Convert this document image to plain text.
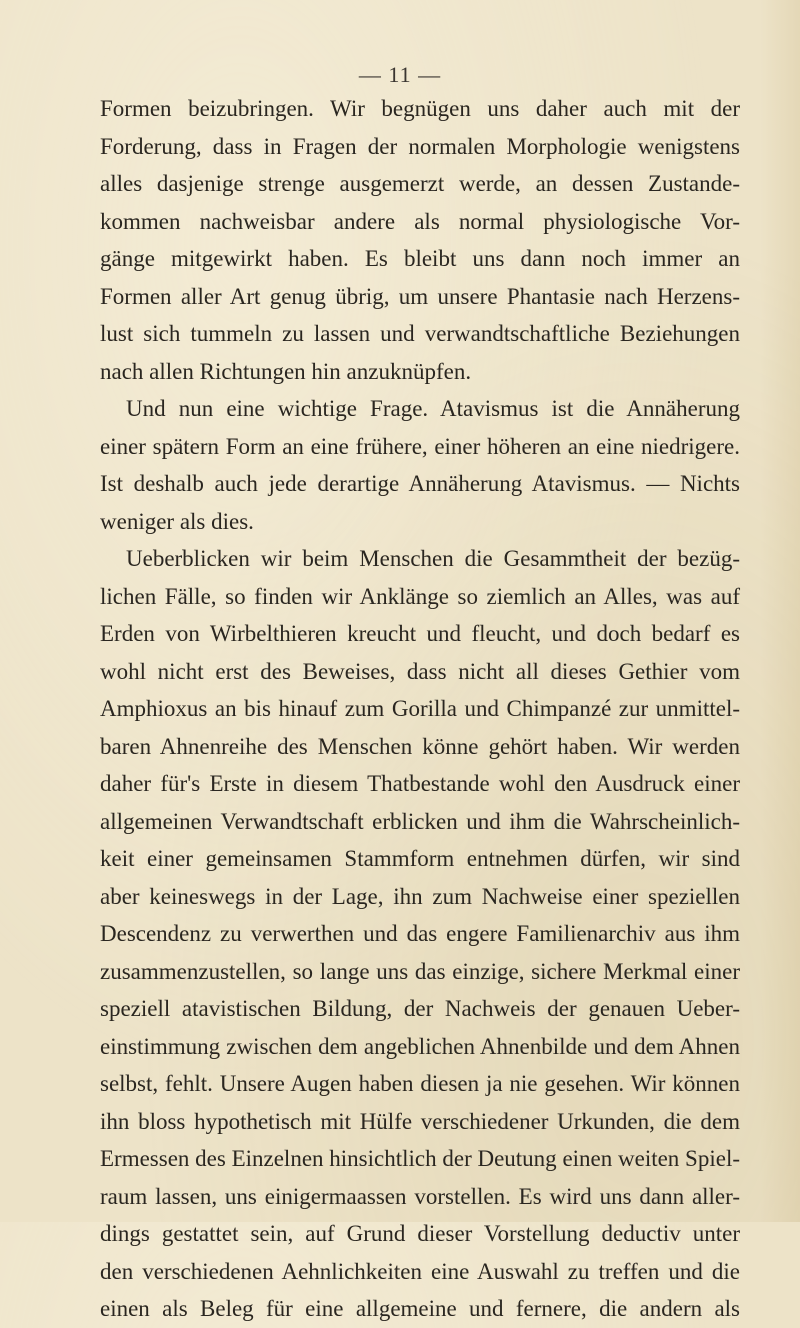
— 11 —
Formen beizubringen. Wir begnügen uns daher auch mit der
Forderung, dass in Fragen der normalen Morphologie wenigstens
alles dasjenige strenge ausgemerzt werde, an dessen Zustande-
kommen nachweisbar andere als normal physiologische Vor-
gänge mitgewirkt haben. Es bleibt uns dann noch immer an
Formen aller Art genug übrig, um unsere Phantasie nach Herzens-
lust sich tummeln zu lassen und verwandtschaftliche Beziehungen
nach allen Richtungen hin anzuknüpfen.
Und nun eine wichtige Frage. Atavismus ist die Annäherung
einer spätern Form an eine frühere, einer höheren an eine niedrigere.
Ist deshalb auch jede derartige Annäherung Atavismus. — Nichts
weniger als dies.
Ueberblicken wir beim Menschen die Gesammtheit der bezüg-
lichen Fälle, so finden wir Anklänge so ziemlich an Alles, was auf
Erden von Wirbelthieren kreucht und fleucht, und doch bedarf es
wohl nicht erst des Beweises, dass nicht all dieses Gethier vom
Amphioxus an bis hinauf zum Gorilla und Chimpanzé zur unmittel-
baren Ahnenreihe des Menschen könne gehört haben. Wir werden
daher für's Erste in diesem Thatbestande wohl den Ausdruck einer
allgemeinen Verwandtschaft erblicken und ihm die Wahrscheinlich-
keit einer gemeinsamen Stammform entnehmen dürfen, wir sind
aber keineswegs in der Lage, ihn zum Nachweise einer speziellen
Descendenz zu verwerthen und das engere Familienarchiv aus ihm
zusammenzustellen, so lange uns das einzige, sichere Merkmal einer
speziell atavistischen Bildung, der Nachweis der genauen Ueber-
einstimmung zwischen dem angeblichen Ahnenbilde und dem Ahnen
selbst, fehlt. Unsere Augen haben diesen ja nie gesehen. Wir können
ihn bloss hypothetisch mit Hülfe verschiedener Urkunden, die dem
Ermessen des Einzelnen hinsichtlich der Deutung einen weiten Spiel-
raum lassen, uns einigermaassen vorstellen. Es wird uns dann aller-
dings gestattet sein, auf Grund dieser Vorstellung deductiv unter
den verschiedenen Aehnlichkeiten eine Auswahl zu treffen und die
einen als Beleg für eine allgemeine und fernere, die andern als
